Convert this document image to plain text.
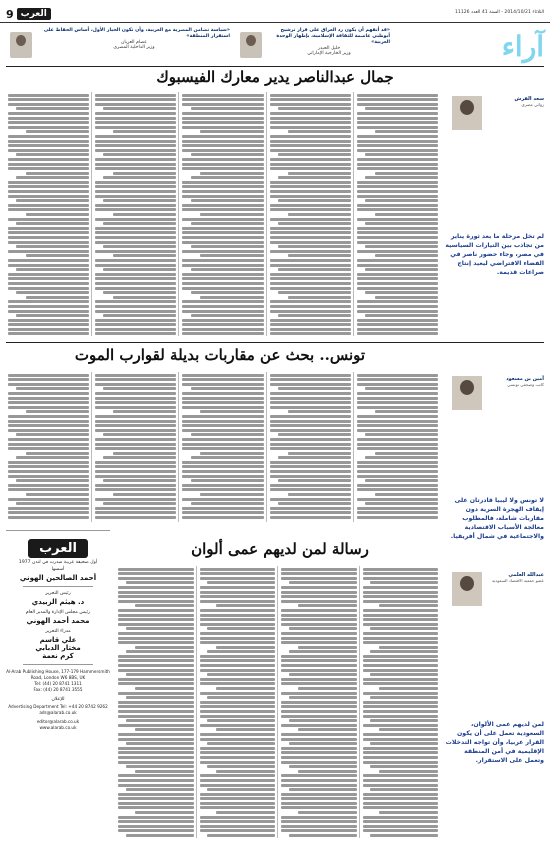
9 العرب	الثلاثاء 2014/10/21 - السنة 41 العدد 11126
آراء
«قد أتفهم أن يكون رد العراق على قرار ترشيح أبوظبي عاصمة للثقافة الإسلامية، بإظهار الوحدة العربية»
خليل الحيدر
وزير الخارجية الإماراتي
«سياسة تضامن المصرية مع العربية، وأن تكون الخيار الأول، أساس الحفاظ على استقرار المنطقة»
عصام العريان
وزير الداخلية المصري
جمال عبدالناصر يدير معارك الفيسبوك
سعد القرش
روائي مصري
لم تخل مرحلة ما بعد ثورة يناير من تجاذب بين التيارات السياسية في مصر، وجاء حضور ناصر في الفضاء الافتراضي ليعيد إنتاج صراعات قديمة.
تونس.. بحث عن مقاربات بديلة لقوارب الموت
أمين بن مسعود
كاتب وصحفي تونسي
لا تونس ولا ليبيا قادرتان على إيقاف الهجرة السرية دون مقاربات شاملة، فالمطلوب معالجة الأسباب الاقتصادية والاجتماعية في شمال أفريقيا.
العرب
أول صحيفة عربية صدرت في لندن 1977
أسسها
أحمد الصالحين الهوني
رئيس التحرير
د. هيثم الزبيدي
رئيس مجلس الإدارة والمدير العام
محمد أحمد الهوني
مدراء التحرير
علي قاسم
مختار الدبابي
كرم نعمة
Al-Arab Publishing House, 177-179 Hammersmith Road, London W6 8BS, UK
Tel: (44) 20 8741 1311
Fax: (44) 20 8741 3555
للإعلان
Advertising Department Tel: +44 20 8742 9262 ads@alarab.co.uk
editor@alarab.co.uk
www.alarab.co.uk
رسالة لمن لديهم عمى ألوان
عبدالله العلمي
عضو جمعية الاقتصاد السعودية
لمن لديهم عمى الألوان، السعودية تعمل على أن يكون القرار عربيا، وأن تواجه التدخلات الإقليمية في أمن المنطقة وتعمل على الاستقرار.
